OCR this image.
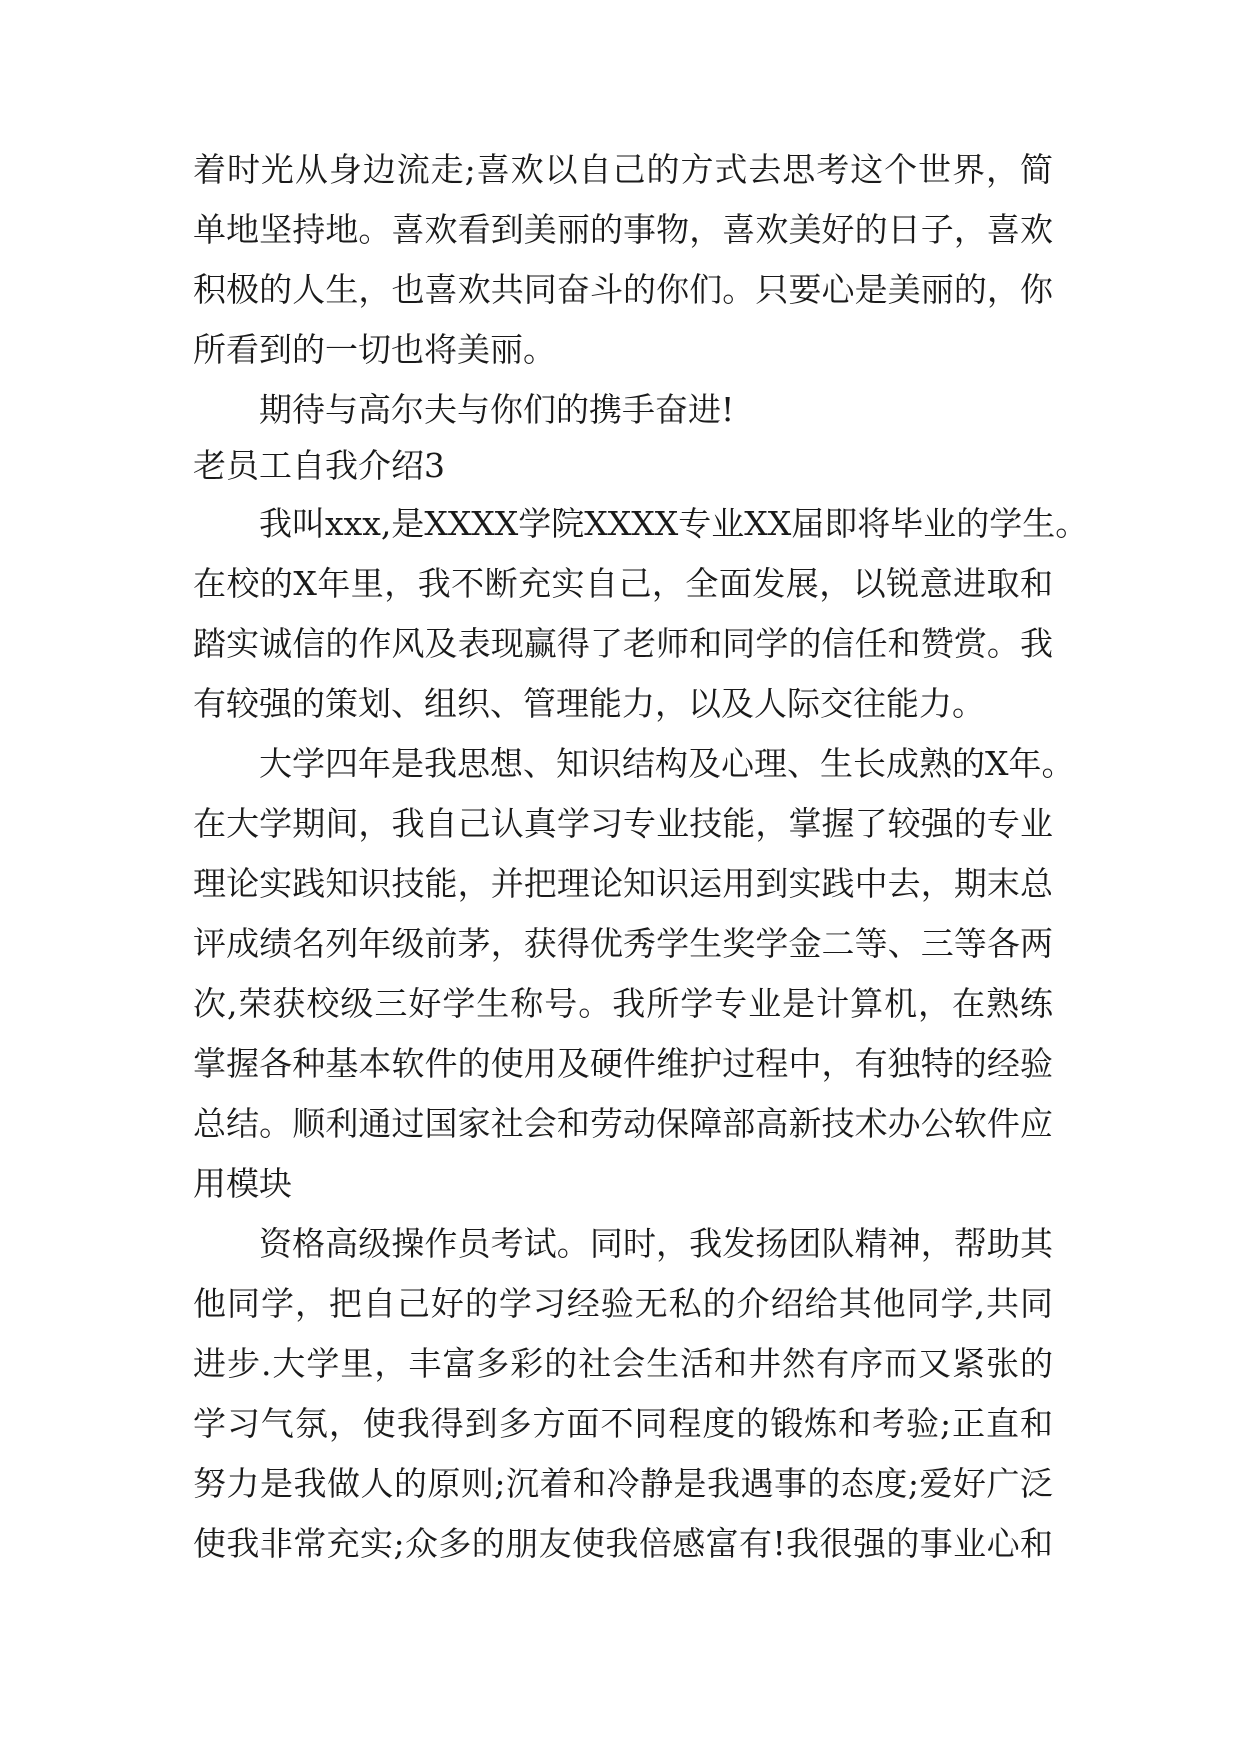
着时光从身边流走;喜欢以自己的方式去思考这个世界，简

单地坚持地。喜欢看到美丽的事物，喜欢美好的日子，喜欢

积极的人生，也喜欢共同奋斗的你们。只要心是美丽的，你

所看到的一切也将美丽。

期待与高尔夫与你们的携手奋进!

老员工自我介绍3

我叫xxx,是XXXX学院XXXX专业XX届即将毕业的学生。

在校的X年里，我不断充实自己，全面发展，以锐意进取和

踏实诚信的作风及表现赢得了老师和同学的信任和赞赏。我

有较强的策划、组织、管理能力，以及人际交往能力。

大学四年是我思想、知识结构及心理、生长成熟的X年。

在大学期间，我自己认真学习专业技能，掌握了较强的专业

理论实践知识技能，并把理论知识运用到实践中去，期末总

评成绩名列年级前茅，获得优秀学生奖学金二等、三等各两

次,荣获校级三好学生称号。我所学专业是计算机，在熟练

掌握各种基本软件的使用及硬件维护过程中，有独特的经验

总结。顺利通过国家社会和劳动保障部高新技术办公软件应

用模块

资格高级操作员考试。同时，我发扬团队精神，帮助其

他同学，把自己好的学习经验无私的介绍给其他同学,共同

进步.大学里，丰富多彩的社会生活和井然有序而又紧张的

学习气氛，使我得到多方面不同程度的锻炼和考验;正直和

努力是我做人的原则;沉着和冷静是我遇事的态度;爱好广泛

使我非常充实;众多的朋友使我倍感富有!我很强的事业心和
